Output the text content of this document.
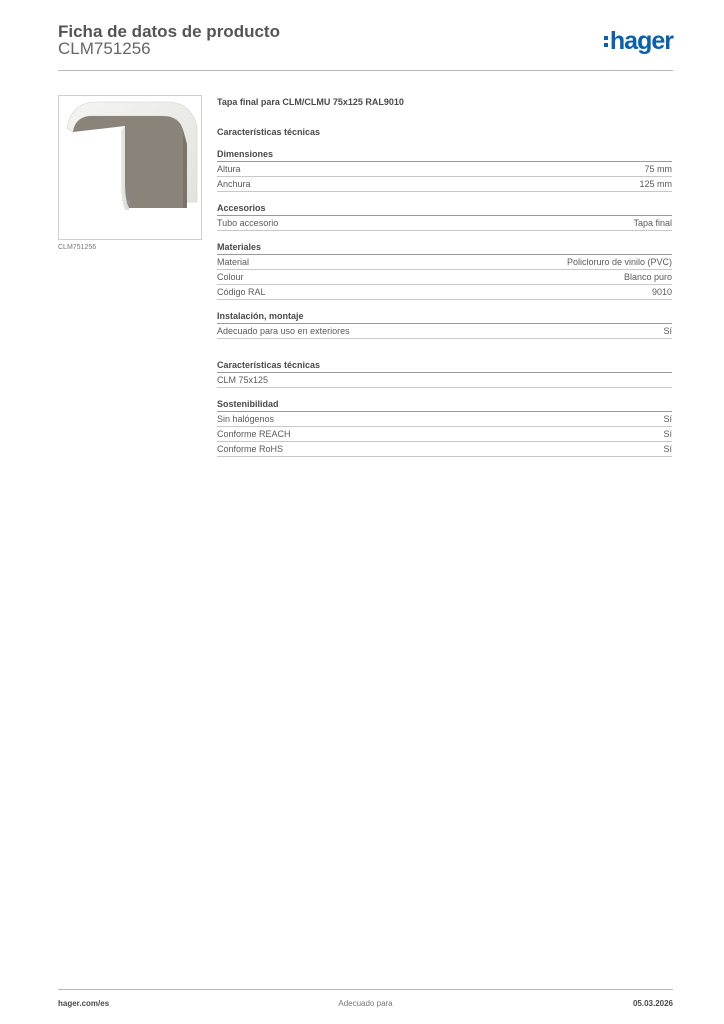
Ficha de datos de producto
CLM751256	hager
CLM751256
Tapa final para CLM/CLMU 75x125 RAL9010
Características técnicas
Dimensiones
Altura	75 mm
Anchura	125 mm
Accesorios
Tubo accesorio	Tapa final
Materiales
Material	Policloruro de vinilo (PVC)
Colour	Blanco puro
Código RAL	9010
Instalación, montaje
Adecuado para uso en exteriores	Sí
Características técnicas
CLM 75x125
Sostenibilidad
Sin halógenos	Sí
Conforme REACH	Sí
Conforme RoHS	Sí
hager.com/es	Adecuado para	05.03.2026
